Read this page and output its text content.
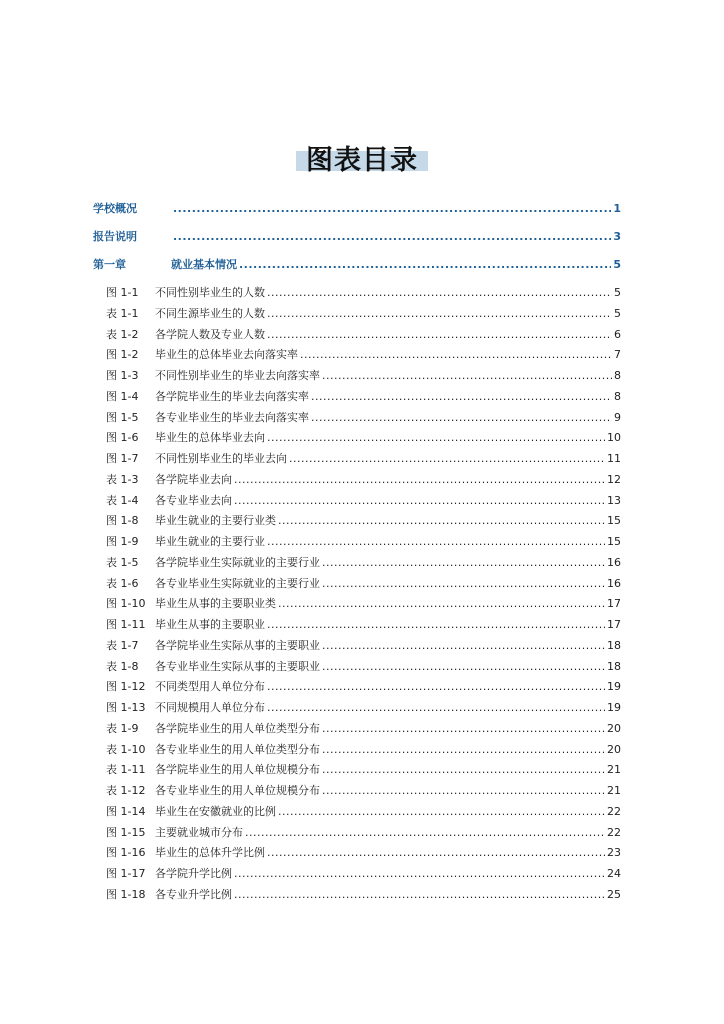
图表目录
学校概况 .....	1
报告说明 .....	3
第一章	就业基本情况 .....	5
图 1-1	不同性别毕业生的人数 .....	5
表 1-1	不同生源毕业生的人数 .....	5
表 1-2	各学院人数及专业人数 .....	6
图 1-2	毕业生的总体毕业去向落实率 .....	7
图 1-3	不同性别毕业生的毕业去向落实率 .....	8
图 1-4	各学院毕业生的毕业去向落实率 .....	8
图 1-5	各专业毕业生的毕业去向落实率 .....	9
图 1-6	毕业生的总体毕业去向 .....	10
图 1-7	不同性别毕业生的毕业去向 .....	11
表 1-3	各学院毕业去向 .....	12
表 1-4	各专业毕业去向 .....	13
图 1-8	毕业生就业的主要行业类 .....	15
图 1-9	毕业生就业的主要行业 .....	15
表 1-5	各学院毕业生实际就业的主要行业 .....	16
表 1-6	各专业毕业生实际就业的主要行业 .....	16
图 1-10 毕业生从事的主要职业类 .....	17
图 1-11 毕业生从事的主要职业 .....	17
表 1-7	各学院毕业生实际从事的主要职业 .....	18
表 1-8	各专业毕业生实际从事的主要职业 .....	18
图 1-12 不同类型用人单位分布 .....	19
图 1-13 不同规模用人单位分布 .....	19
表 1-9	各学院毕业生的用人单位类型分布 .....	20
表 1-10 各专业毕业生的用人单位类型分布 .....	20
表 1-11 各学院毕业生的用人单位规模分布 .....	21
表 1-12 各专业毕业生的用人单位规模分布 .....	21
图 1-14 毕业生在安徽就业的比例 .....	22
图 1-15 主要就业城市分布 .....	22
图 1-16 毕业生的总体升学比例 .....	23
图 1-17 各学院升学比例 .....	24
图 1-18 各专业升学比例 .....	25
